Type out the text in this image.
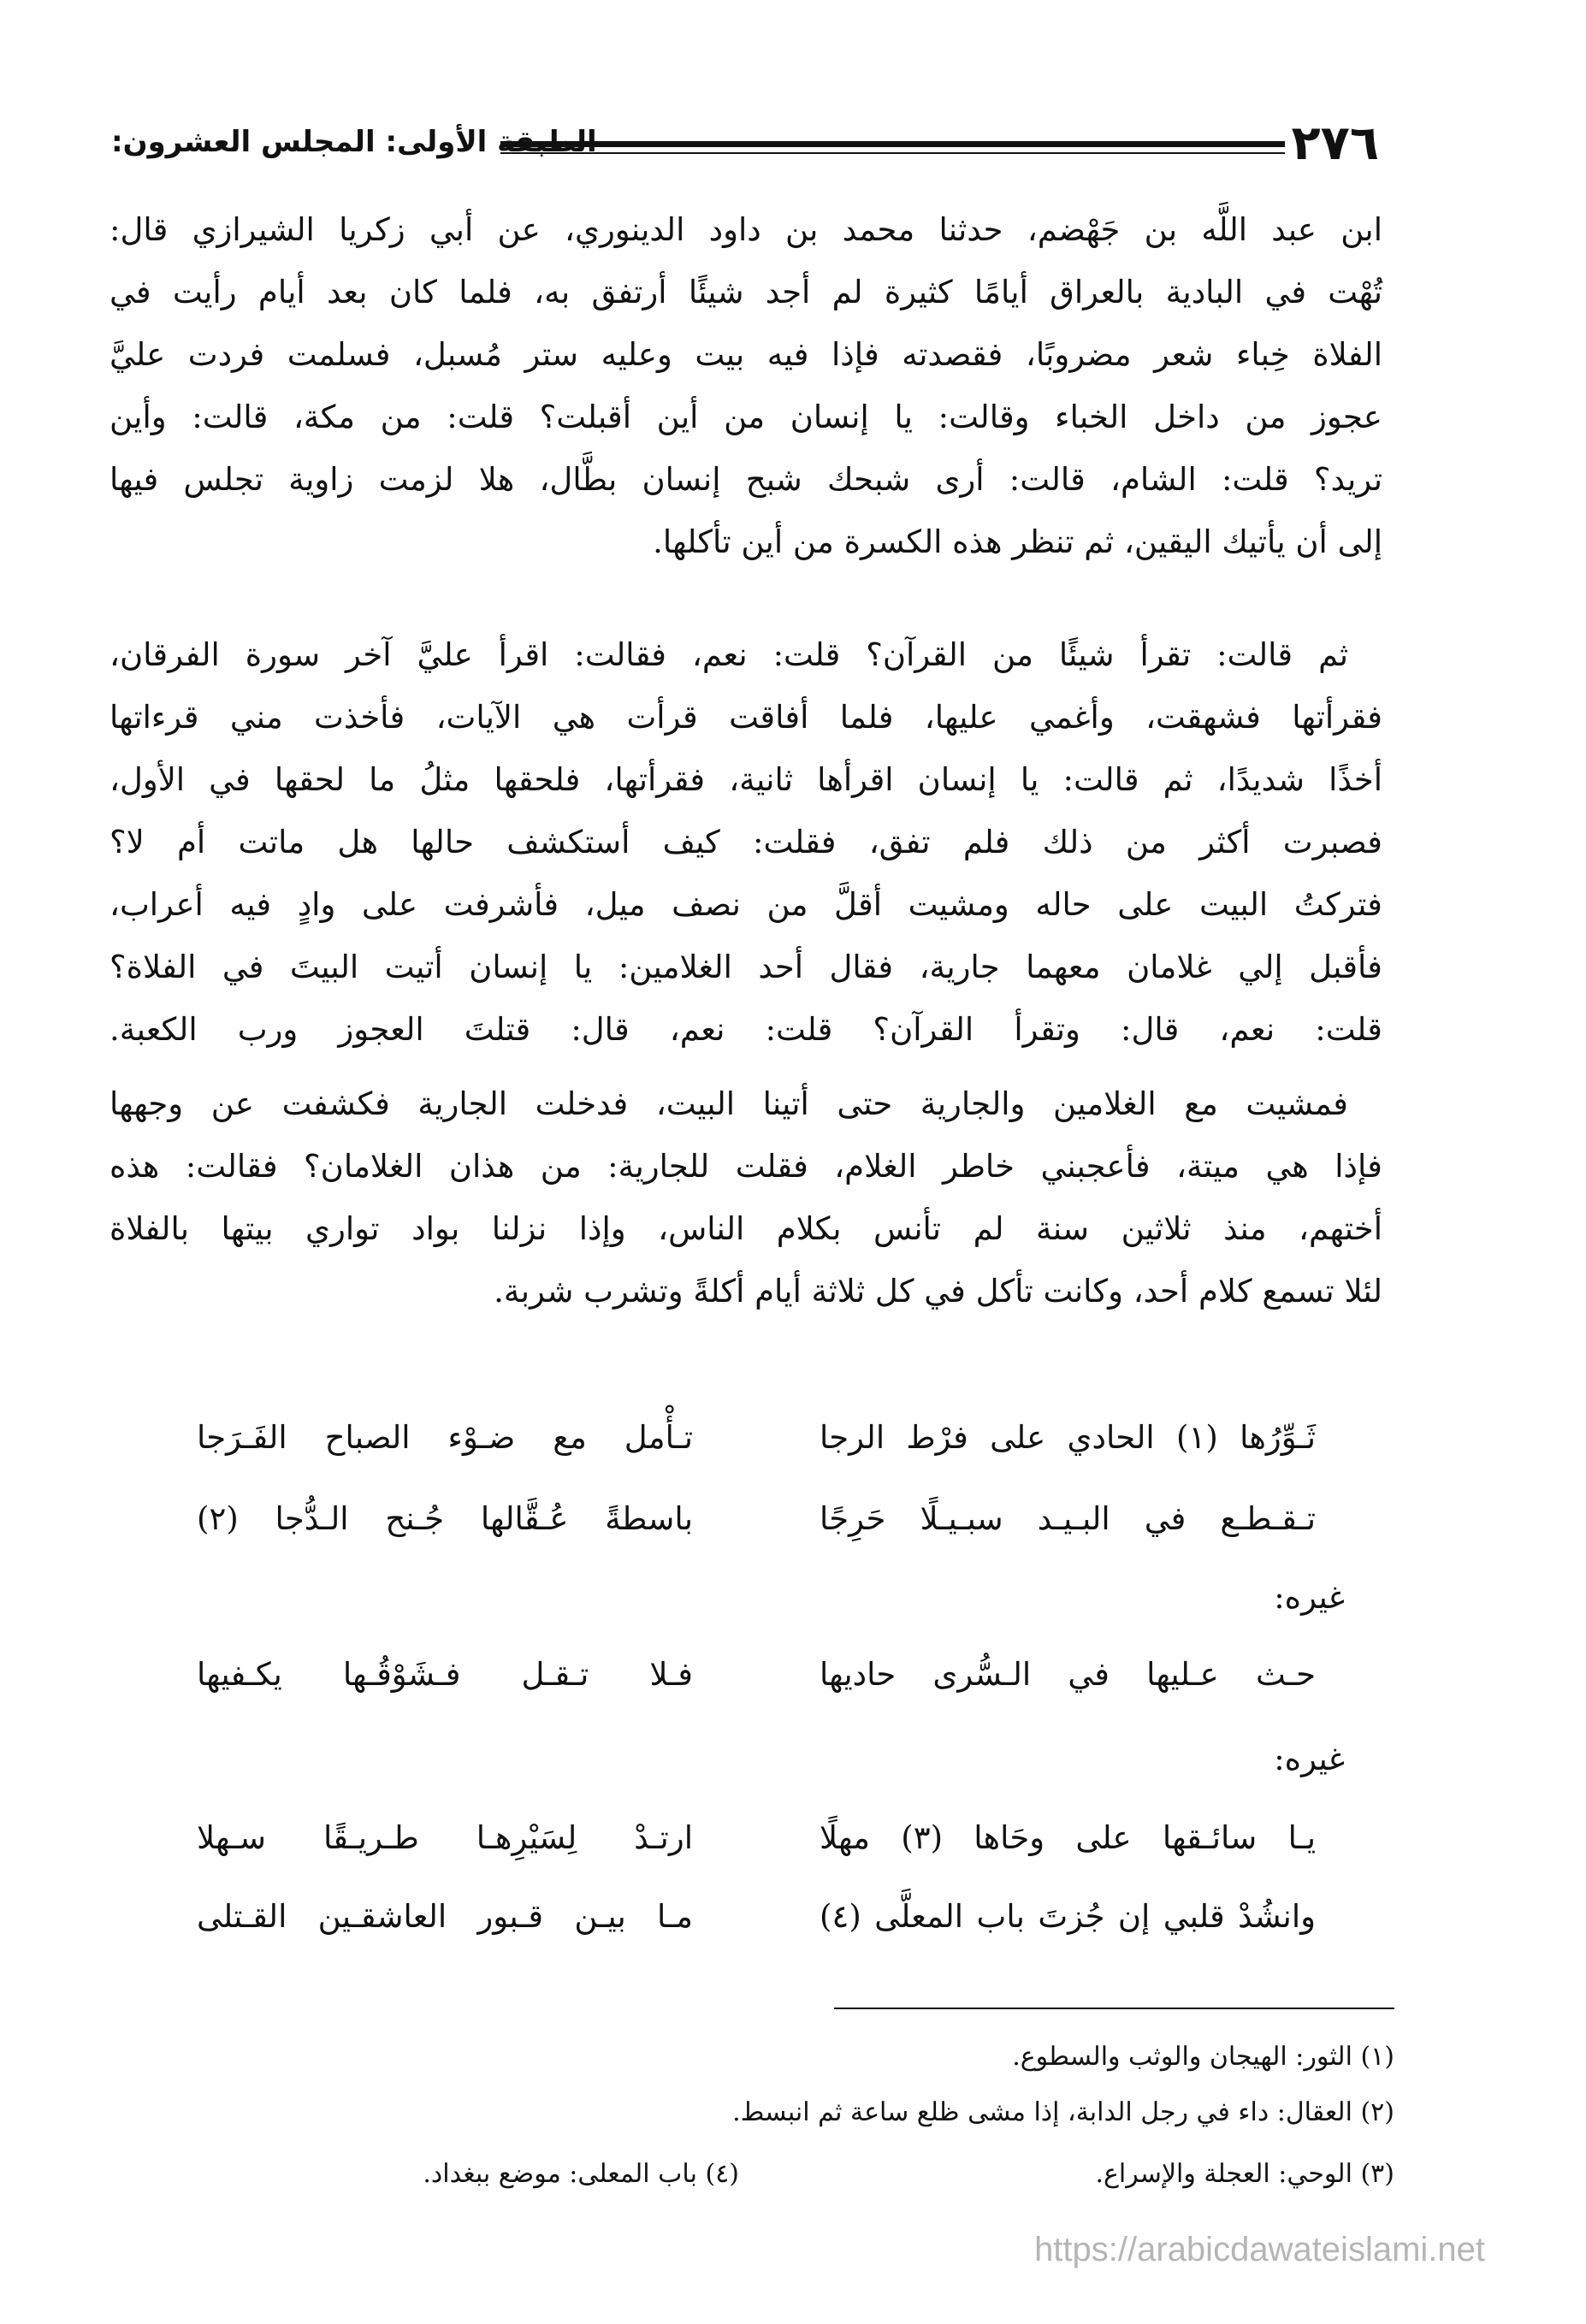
٢٧٦
الطبقة الأولى: المجلس العشرون:
ابن عبد اللَّه بن جَهْضم، حدثنا محمد بن داود الدينوري، عن أبي زكريا الشيرازي قال:
تُهْت في البادية بالعراق أيامًا كثيرة لم أجد شيئًا أرتفق به، فلما كان بعد أيام رأيت في
الفلاة خِباء شعر مضروبًا، فقصدته فإذا فيه بيت وعليه ستر مُسبل، فسلمت فردت عليَّ
عجوز من داخل الخباء وقالت: يا إنسان من أين أقبلت؟ قلت: من مكة، قالت: وأين
تريد؟ قلت: الشام، قالت: أرى شبحك شبح إنسان بطَّال، هلا لزمت زاوية تجلس فيها
إلى أن يأتيك اليقين، ثم تنظر هذه الكسرة من أين تأكلها.
ثم قالت: تقرأ شيئًا من القرآن؟ قلت: نعم، فقالت: اقرأ عليَّ آخر سورة الفرقان،
فقرأتها فشهقت، وأغمي عليها، فلما أفاقت قرأت هي الآيات، فأخذت مني قرءاتها
أخذًا شديدًا، ثم قالت: يا إنسان اقرأها ثانية، فقرأتها، فلحقها مثلُ ما لحقها في الأول،
فصبرت أكثر من ذلك فلم تفق، فقلت: كيف أستكشف حالها هل ماتت أم لا؟
فتركتُ البيت على حاله ومشيت أقلَّ من نصف ميل، فأشرفت على وادٍ فيه أعراب،
فأقبل إلي غلامان معهما جارية، فقال أحد الغلامين: يا إنسان أتيت البيتَ في الفلاة؟
قلت: نعم، قال: وتقرأ القرآن؟ قلت: نعم، قال: قتلتَ العجوز ورب الكعبة.
فمشيت مع الغلامين والجارية حتى أتينا البيت، فدخلت الجارية فكشفت عن وجهها
فإذا هي ميتة، فأعجبني خاطر الغلام، فقلت للجارية: من هذان الغلامان؟ فقالت: هذه
أختهم، منذ ثلاثين سنة لم تأنس بكلام الناس، وإذا نزلنا بواد تواري بيتها بالفلاة
لئلا تسمع كلام أحد، وكانت تأكل في كل ثلاثة أيام أكلةً وتشرب شربة.
ثَـوِّرُها (١) الحادي على فرْط الرجا
تـأْمل مع ضـوْء الصباح الفَـرَجا
تـقـطـع في البـيـد سبـيـلًا حَرِجًا
باسطةً عُـقَّالها جُـنح الـدُّجا (٢)
غيره:
حـث عـليها في الـسُّرى حاديها
فـلا تـقـل فـشَوْقُـها يكـفيها
غيره:
يـا سائـقها على وحَاها (٣) مهلًا
ارتـدْ لِسَيْرِهـا طـريـقًا سـهلا
وانشُدْ قلبي إن جُزتَ باب المعلَّى (٤)
مـا بيـن قـبور العاشقـين القـتلى
(١) الثور: الهيجان والوثب والسطوع.
(٢) العقال: داء في رجل الدابة، إذا مشى ظلع ساعة ثم انبسط.
(٣) الوحي: العجلة والإسراع.
(٤) باب المعلى: موضع ببغداد.
https://arabicdawateislami.net
